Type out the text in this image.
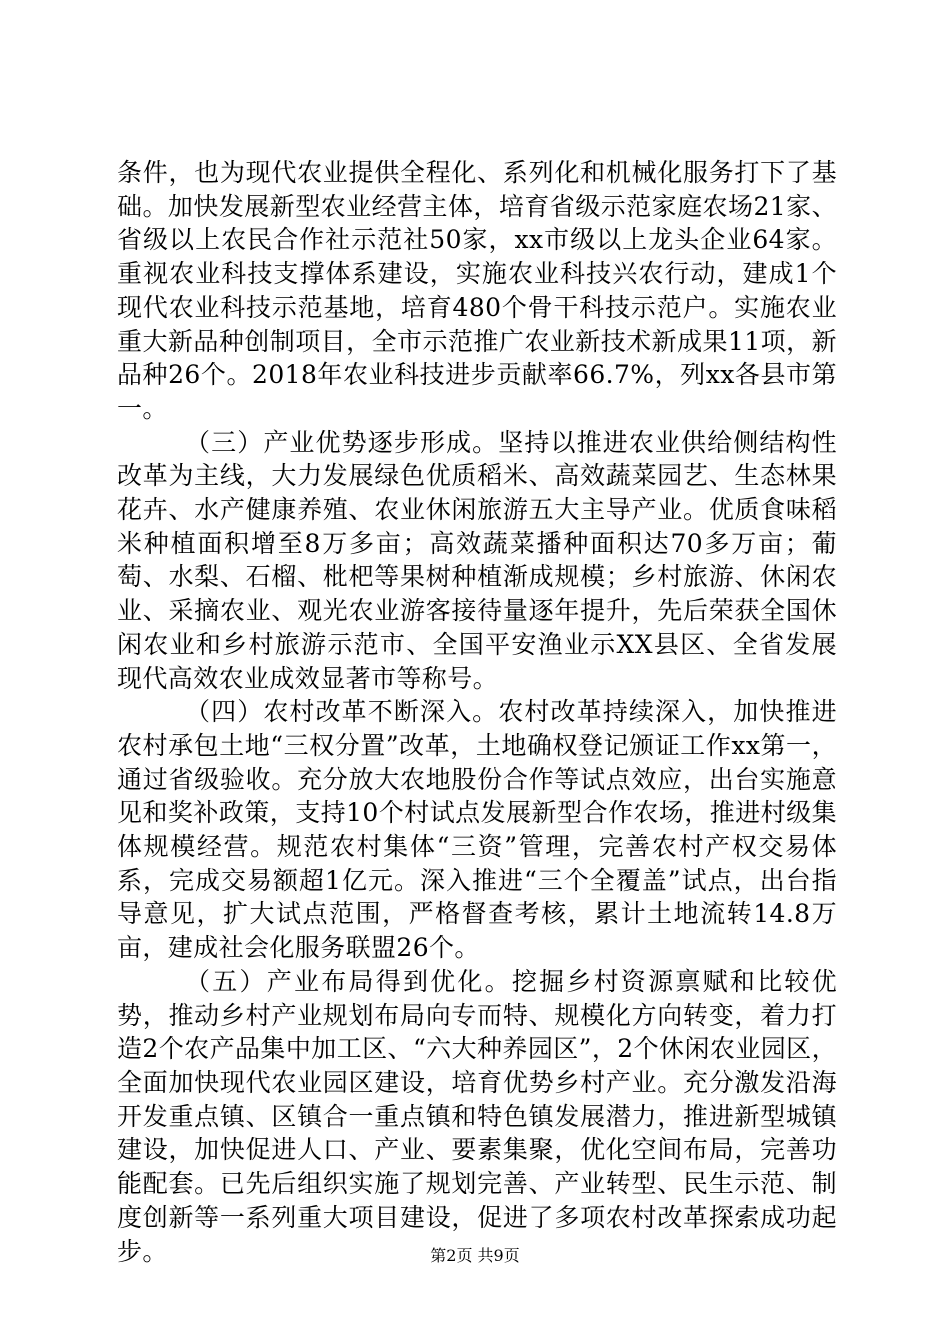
条件，也为现代农业提供全程化、系列化和机械化服务打下了基础。加快发展新型农业经营主体，培育省级示范家庭农场21家、省级以上农民合作社示范社50家，xx市级以上龙头企业64家。重视农业科技支撑体系建设，实施农业科技兴农行动，建成1个现代农业科技示范基地，培育480个骨干科技示范户。实施农业重大新品种创制项目，全市示范推广农业新技术新成果11项，新品种26个。2018年农业科技进步贡献率66.7%，列xx各县市第一。

（三）产业优势逐步形成。坚持以推进农业供给侧结构性改革为主线，大力发展绿色优质稻米、高效蔬菜园艺、生态林果花卉、水产健康养殖、农业休闲旅游五大主导产业。优质食味稻米种植面积增至8万多亩；高效蔬菜播种面积达70多万亩；葡萄、水梨、石榴、枇杷等果树种植渐成规模；乡村旅游、休闲农业、采摘农业、观光农业游客接待量逐年提升，先后荣获全国休闲农业和乡村旅游示范市、全国平安渔业示XX县区、全省发展现代高效农业成效显著市等称号。

（四）农村改革不断深入。农村改革持续深入，加快推进农村承包土地“三权分置”改革，土地确权登记颁证工作xx第一，通过省级验收。充分放大农地股份合作等试点效应，出台实施意见和奖补政策，支持10个村试点发展新型合作农场，推进村级集体规模经营。规范农村集体“三资”管理，完善农村产权交易体系，完成交易额超1亿元。深入推进“三个全覆盖”试点，出台指导意见，扩大试点范围，严格督查考核，累计土地流转14.8万亩，建成社会化服务联盟26个。

（五）产业布局得到优化。挖掘乡村资源禀赋和比较优势，推动乡村产业规划布局向专而特、规模化方向转变，着力打造2个农产品集中加工区、“六大种养园区”，2个休闲农业园区，全面加快现代农业园区建设，培育优势乡村产业。充分激发沿海开发重点镇、区镇合一重点镇和特色镇发展潜力，推进新型城镇建设，加快促进人口、产业、要素集聚，优化空间布局，完善功能配套。已先后组织实施了规划完善、产业转型、民生示范、制度创新等一系列重大项目建设，促进了多项农村改革探索成功起步。	第2页 共9页
